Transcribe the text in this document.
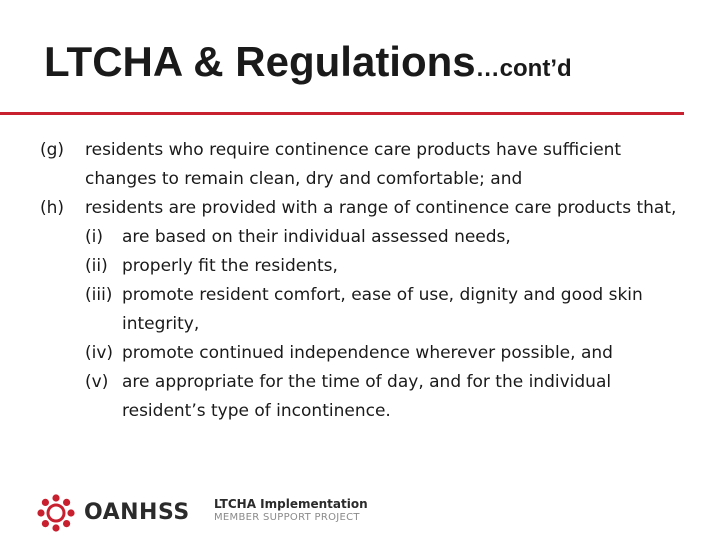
LTCHA & Regulations…cont’d
(g) residents who require continence care products have sufficient changes to remain clean, dry and comfortable; and
(h) residents are provided with a range of continence care products that,
(i) are based on their individual assessed needs,
(ii) properly fit the residents,
(iii) promote resident comfort, ease of use, dignity and good skin integrity,
(iv) promote continued independence wherever possible, and
(v) are appropriate for the time of day, and for the individual resident’s type of incontinence.
OANHSS LTCHA Implementation
MEMBER SUPPORT PROJECT
